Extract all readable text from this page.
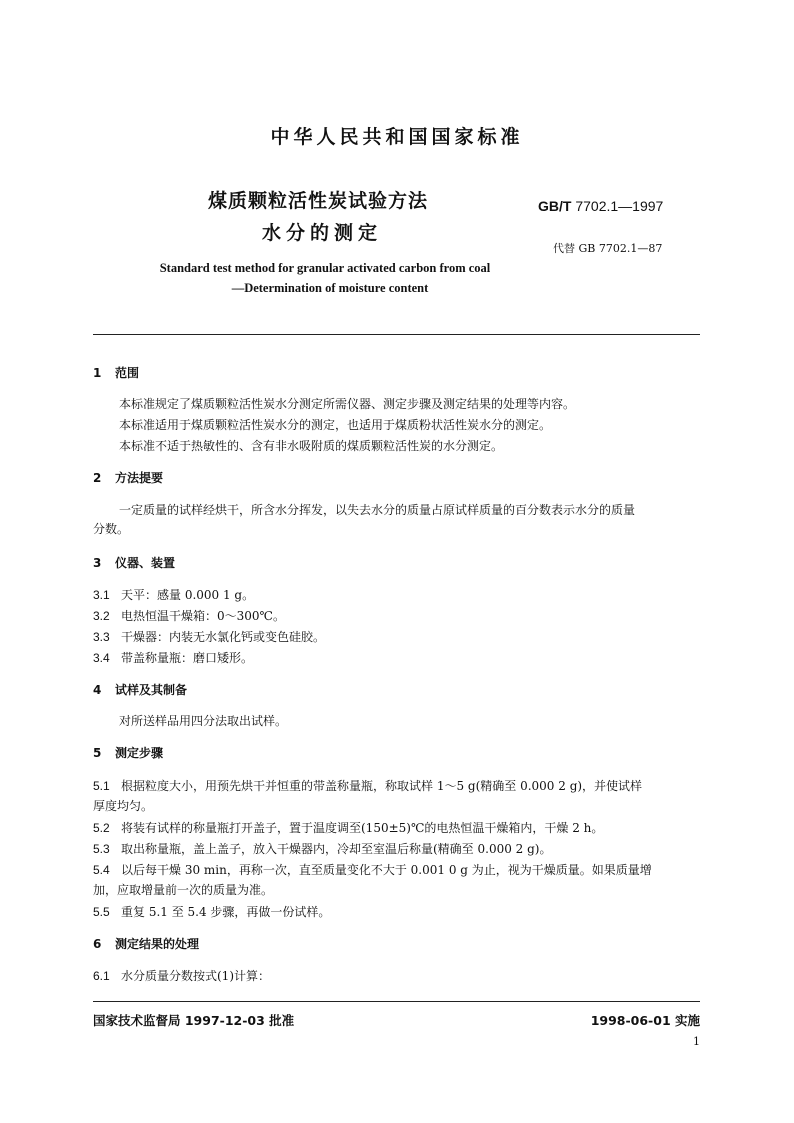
中华人民共和国国家标准
煤质颗粒活性炭试验方法
水分的测定
GB/T 7702.1—1997
代替 GB 7702.1—87
Standard test method for granular activated carbon from coal
—Determination of moisture content
1 范围
本标准规定了煤质颗粒活性炭水分测定所需仪器、测定步骤及测定结果的处理等内容。
本标准适用于煤质颗粒活性炭水分的测定，也适用于煤质粉状活性炭水分的测定。
本标准不适于热敏性的、含有非水吸附质的煤质颗粒活性炭的水分测定。
2 方法提要
一定质量的试样经烘干，所含水分挥发，以失去水分的质量占原试样质量的百分数表示水分的质量
分数。
3 仪器、装置
3.1 天平：感量 0.000 1 g。
3.2 电热恒温干燥箱：0～300℃。
3.3 干燥器：内装无水氯化钙或变色硅胶。
3.4 带盖称量瓶：磨口矮形。
4 试样及其制备
对所送样品用四分法取出试样。
5 测定步骤
5.1 根据粒度大小，用预先烘干并恒重的带盖称量瓶，称取试样 1～5 g(精确至 0.000 2 g)，并使试样
厚度均匀。
5.2 将装有试样的称量瓶打开盖子，置于温度调至(150±5)℃的电热恒温干燥箱内，干燥 2 h。
5.3 取出称量瓶，盖上盖子，放入干燥器内，冷却至室温后称量(精确至 0.000 2 g)。
5.4 以后每干燥 30 min，再称一次，直至质量变化不大于 0.001 0 g 为止，视为干燥质量。如果质量增
加，应取增量前一次的质量为准。
5.5 重复 5.1 至 5.4 步骤，再做一份试样。
6 测定结果的处理
6.1 水分质量分数按式(1)计算：
国家技术监督局 1997-12-03 批准	1998-06-01 实施
1
